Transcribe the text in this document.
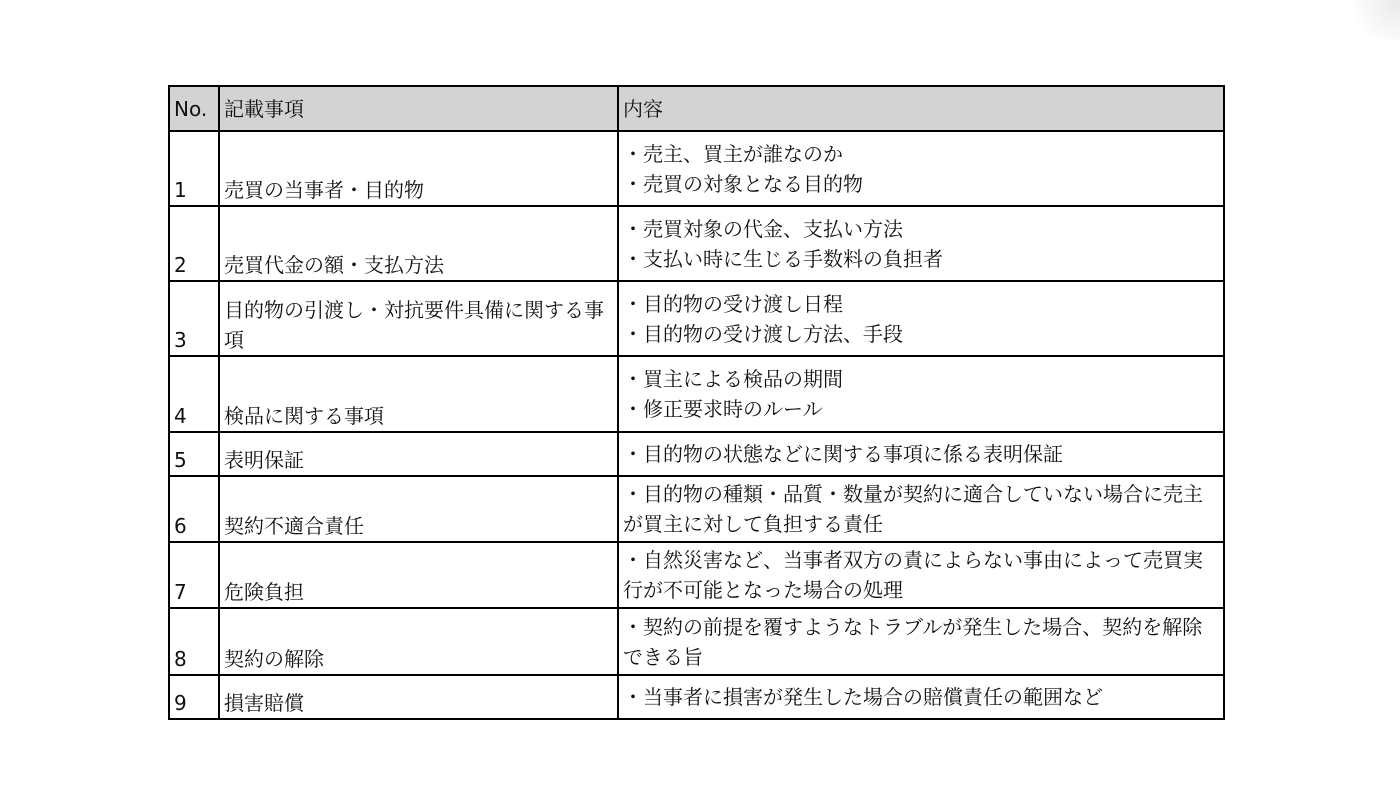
No.	記載事項	内容
1	売買の当事者・目的物	・売主、買主が誰なのか
・売買の対象となる目的物

2	売買代金の額・支払方法	・売買対象の代金、支払い方法
・支払い時に生じる手数料の負担者

3	目的物の引渡し・対抗要件具備に関する事項	・目的物の受け渡し日程
・目的物の受け渡し方法、手段

4	検品に関する事項	・買主による検品の期間
・修正要求時のルール

5	表明保証	・目的物の状態などに関する事項に係る表明保証

6	契約不適合責任	・目的物の種類・品質・数量が契約に適合していない場合に売主が買主に対して負担する責任

7	危険負担	・自然災害など、当事者双方の責によらない事由によって売買実行が不可能となった場合の処理

8	契約の解除	・契約の前提を覆すようなトラブルが発生した場合、契約を解除できる旨

9	損害賠償	・当事者に損害が発生した場合の賠償責任の範囲など
